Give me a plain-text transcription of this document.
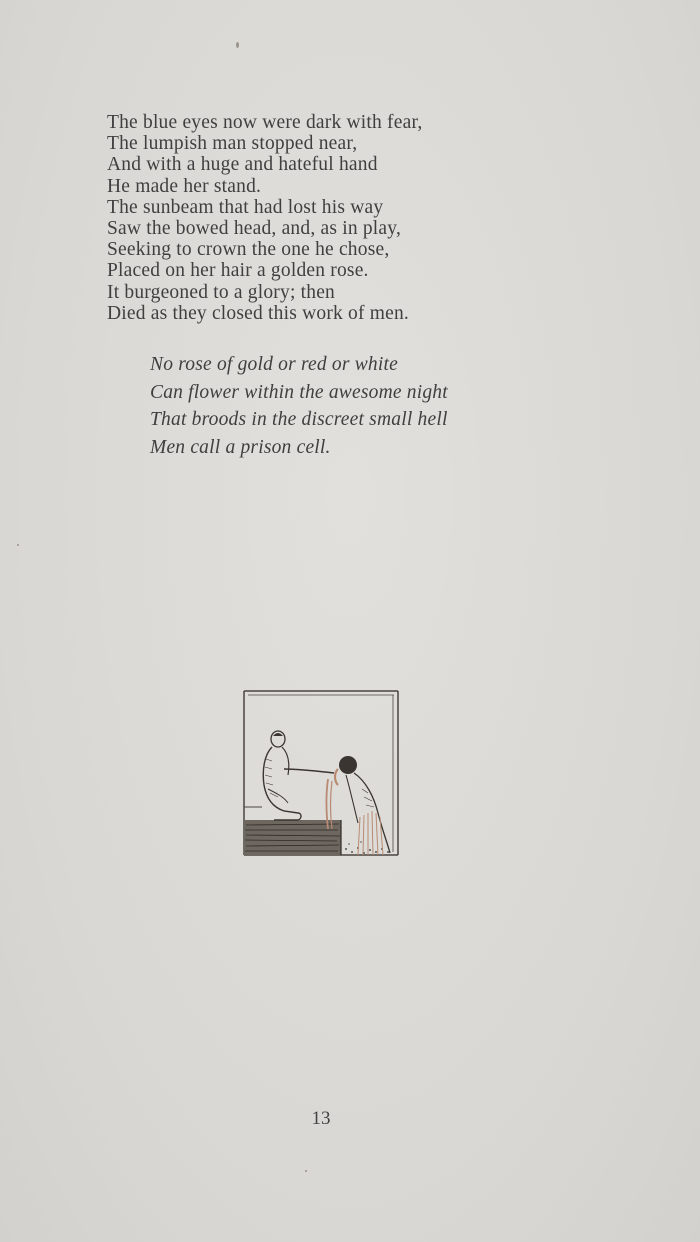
The blue eyes now were dark with fear,
The lumpish man stopped near,
And with a huge and hateful hand
He made her stand.
The sunbeam that had lost his way
Saw the bowed head, and, as in play,
Seeking to crown the one he chose,
Placed on her hair a golden rose.
It burgeoned to a glory; then
Died as they closed this work of men.
No rose of gold or red or white
Can flower within the awesome night
That broods in the discreet small hell
Men call a prison cell.
13
